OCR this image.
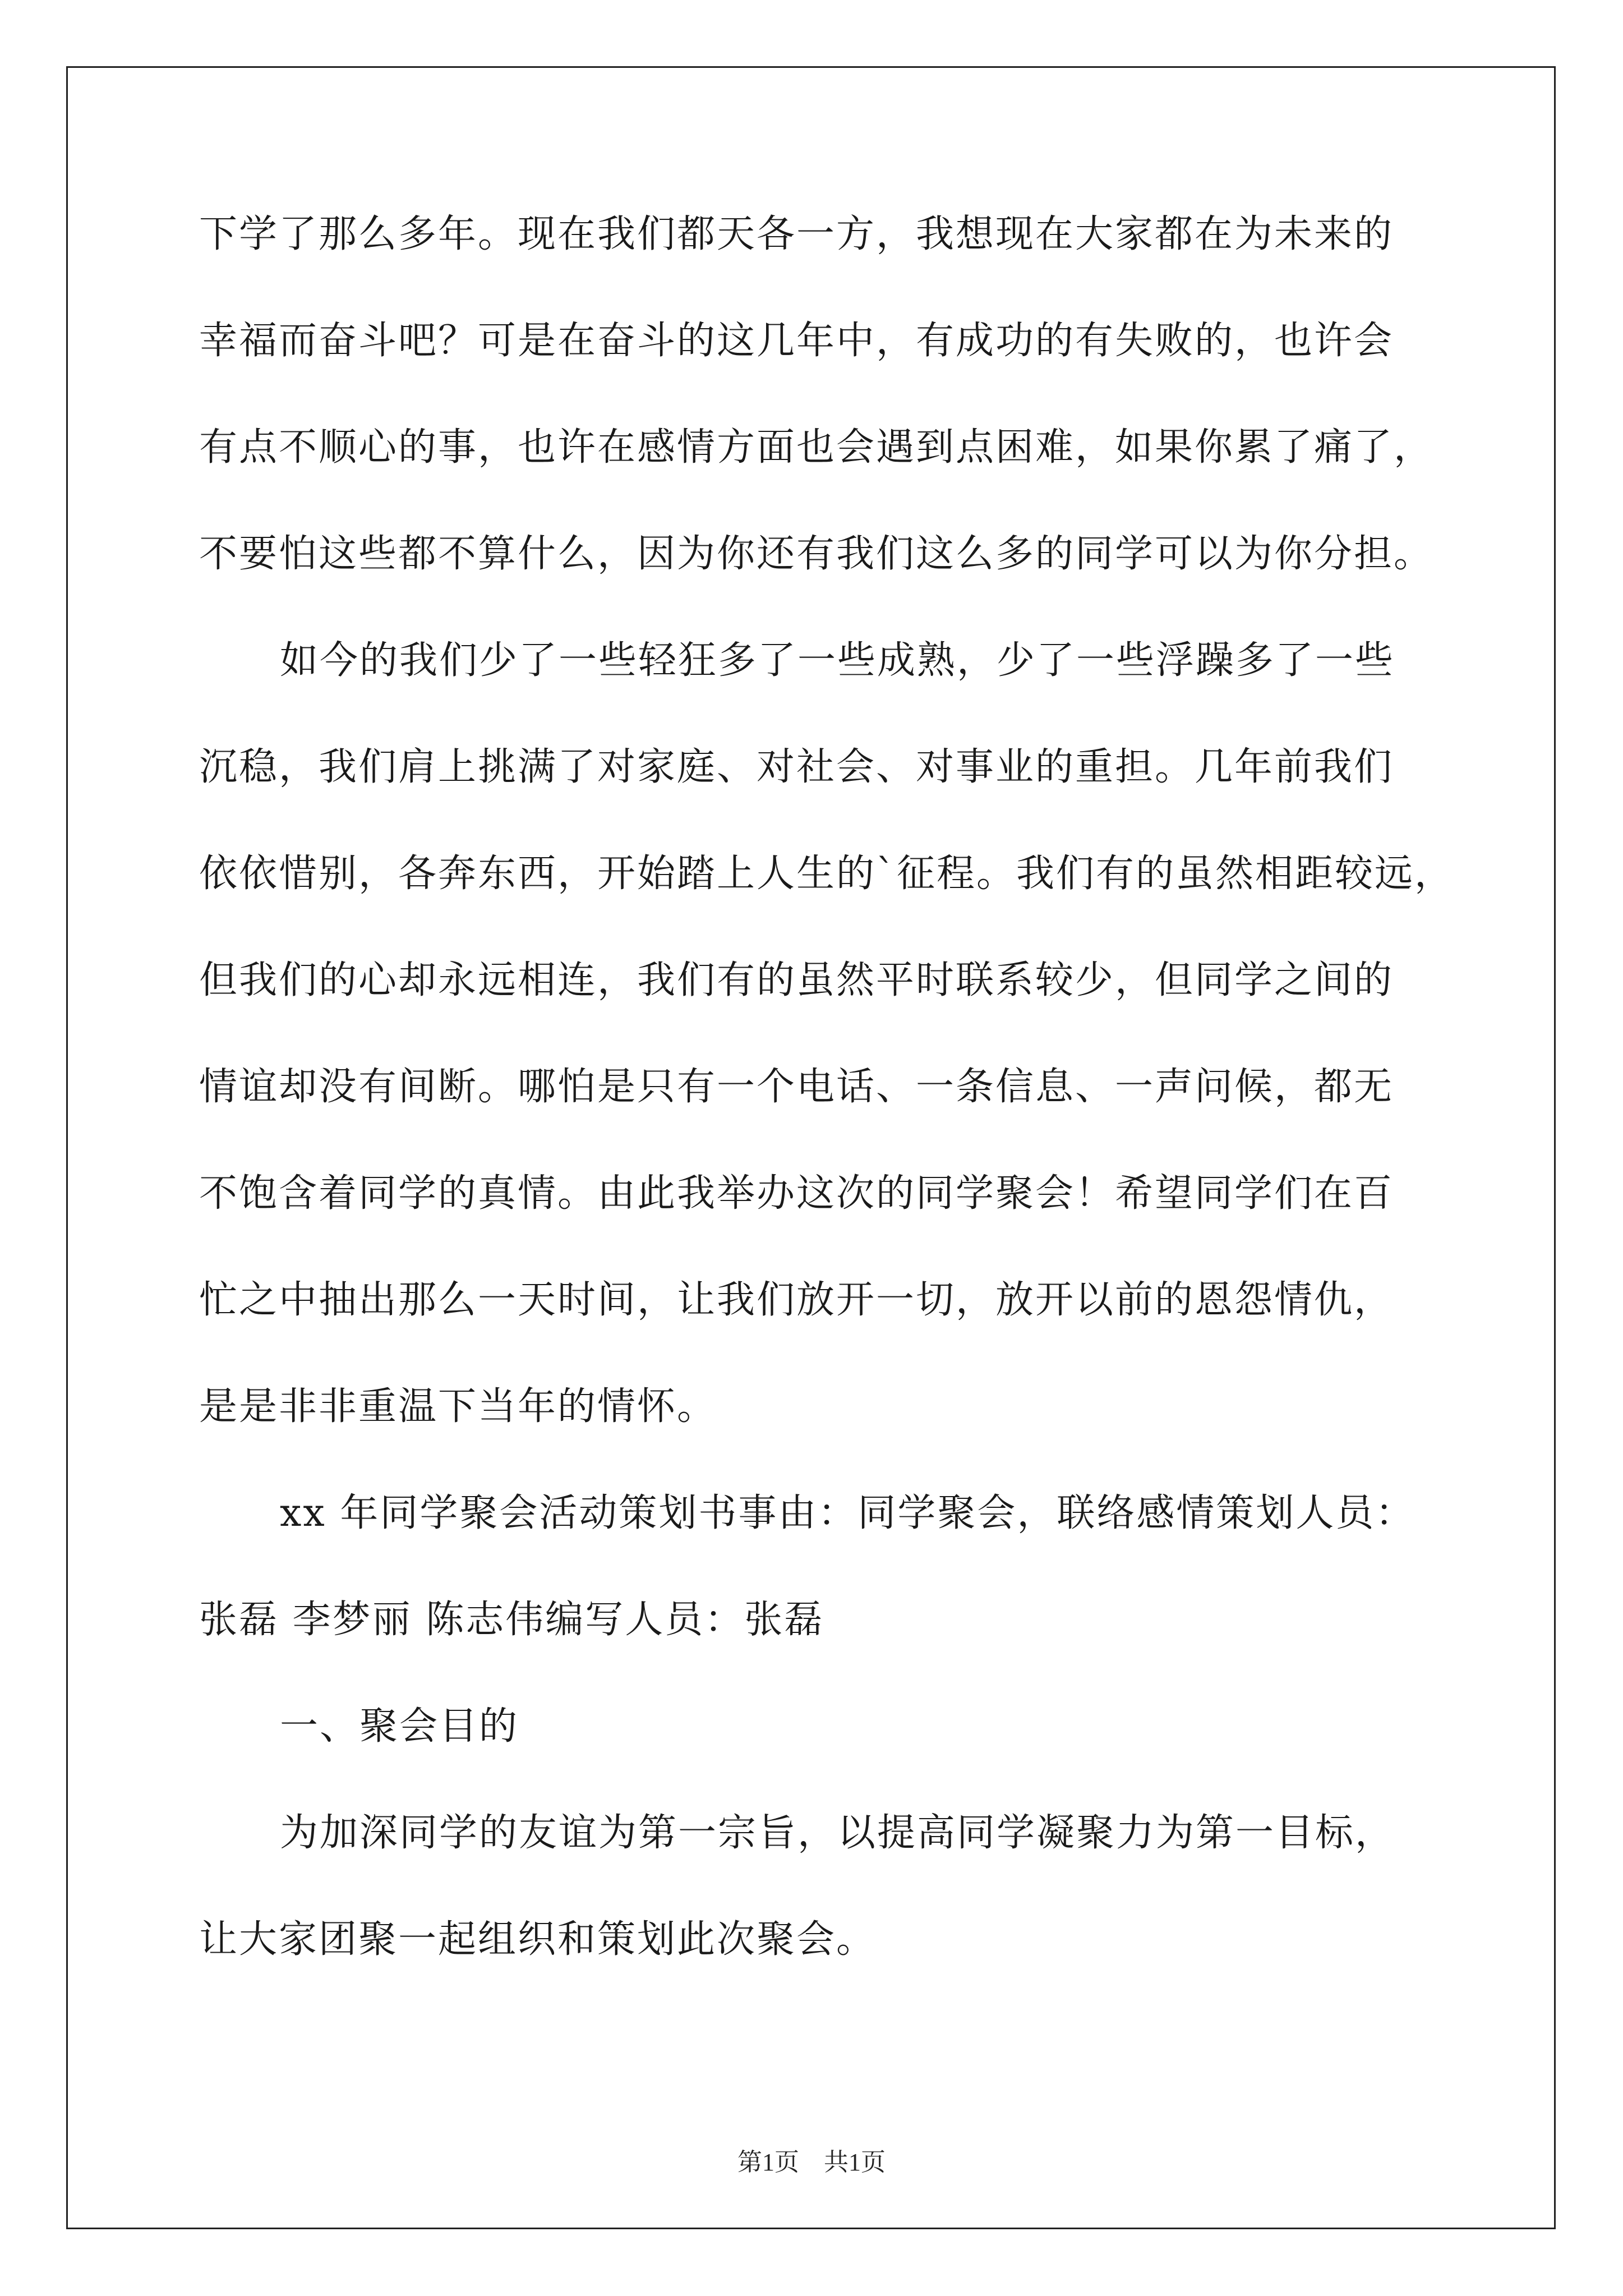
下学了那么多年。现在我们都天各一方，我想现在大家都在为未来的
幸福而奋斗吧？可是在奋斗的这几年中，有成功的有失败的，也许会
有点不顺心的事，也许在感情方面也会遇到点困难，如果你累了痛了，
不要怕这些都不算什么，因为你还有我们这么多的同学可以为你分担。
如今的我们少了一些轻狂多了一些成熟，少了一些浮躁多了一些
沉稳，我们肩上挑满了对家庭、对社会、对事业的重担。几年前我们
依依惜别，各奔东西，开始踏上人生的`征程。我们有的虽然相距较远，
但我们的心却永远相连，我们有的虽然平时联系较少，但同学之间的
情谊却没有间断。哪怕是只有一个电话、一条信息、一声问候，都无
不饱含着同学的真情。由此我举办这次的同学聚会！希望同学们在百
忙之中抽出那么一天时间，让我们放开一切，放开以前的恩怨情仇，
是是非非重温下当年的情怀。
xx 年同学聚会活动策划书事由：同学聚会，联络感情策划人员：
张磊 李梦丽 陈志伟编写人员：张磊
一、聚会目的
为加深同学的友谊为第一宗旨，以提高同学凝聚力为第一目标，
让大家团聚一起组织和策划此次聚会。
第1页　共1页
